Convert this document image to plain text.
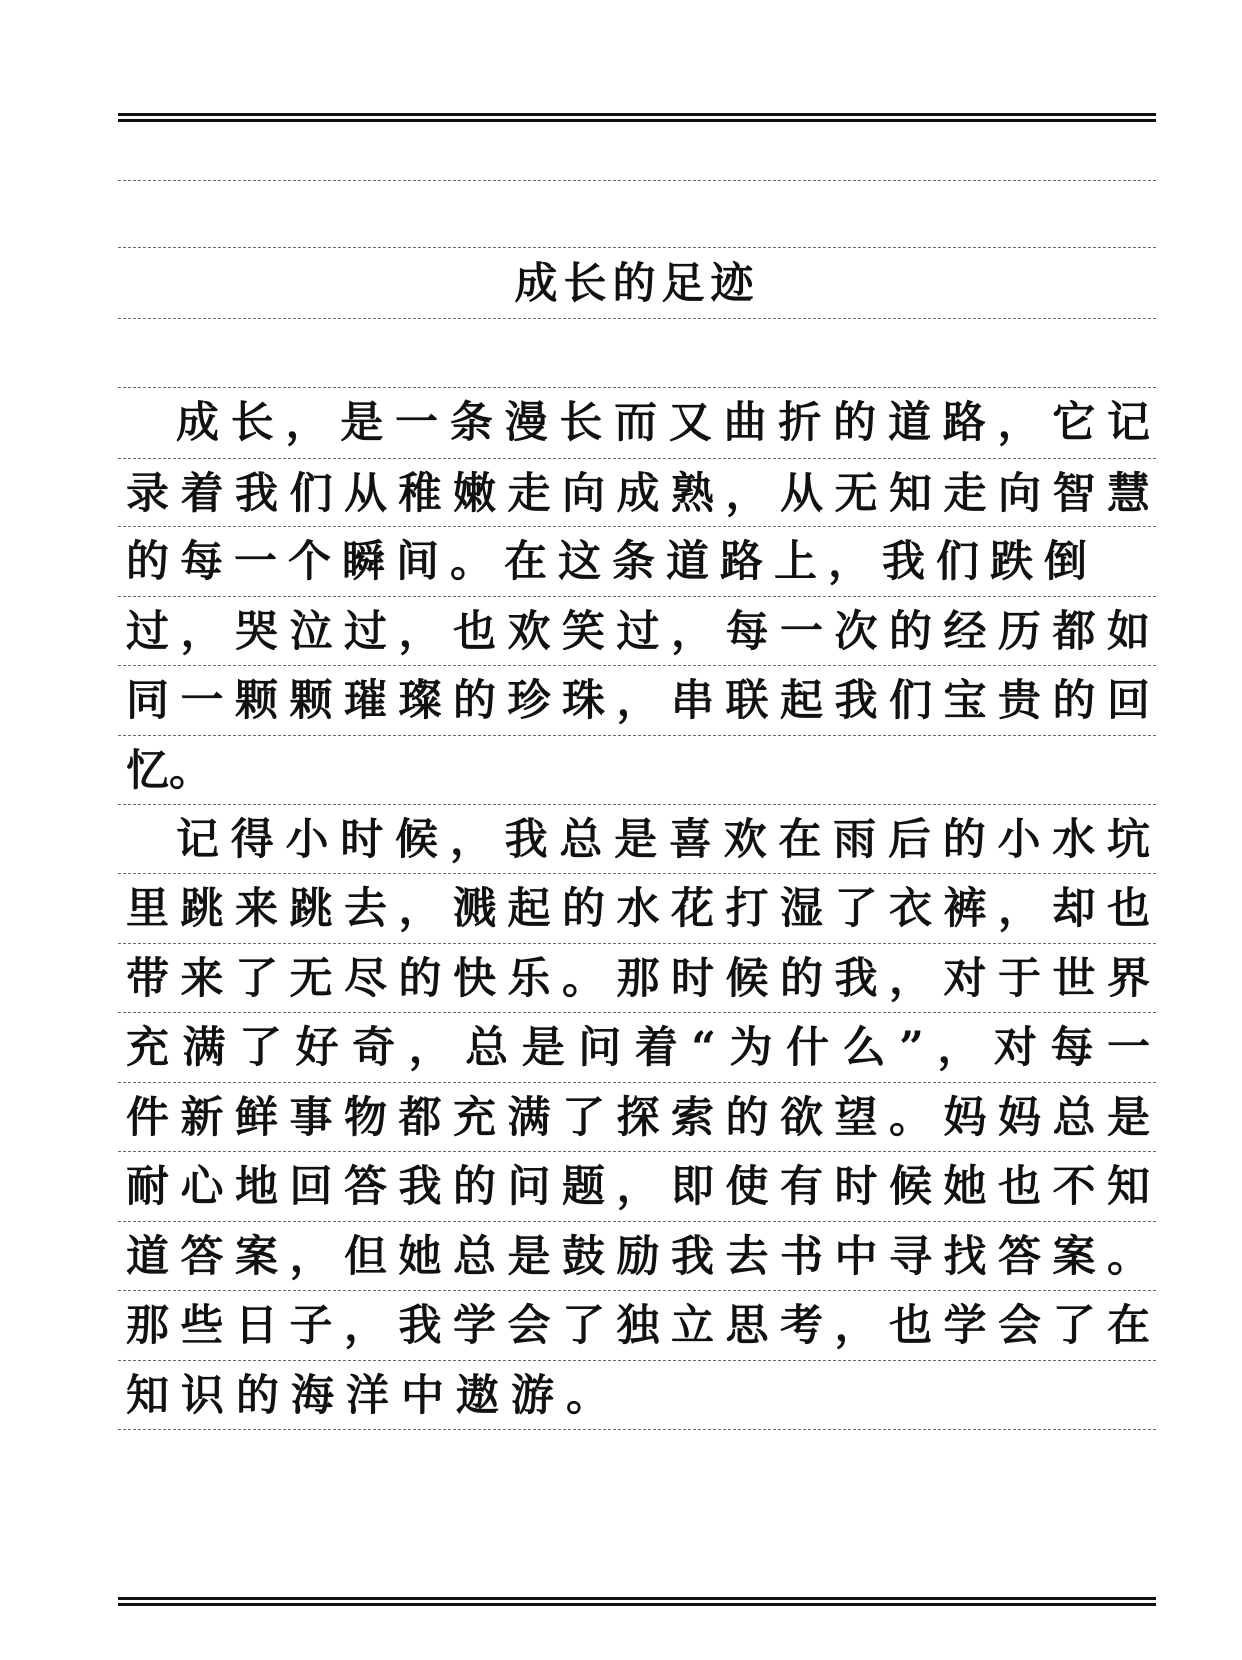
成长的足迹
成长，是一条漫长而又曲折的道路，它记
录着我们从稚嫩走向成熟，从无知走向智慧
的每一个瞬间。在这条道路上，我们跌倒
过，哭泣过，也欢笑过，每一次的经历都如
同一颗颗璀璨的珍珠，串联起我们宝贵的回
忆。
记得小时候，我总是喜欢在雨后的小水坑
里跳来跳去，溅起的水花打湿了衣裤，却也
带来了无尽的快乐。那时候的我，对于世界
充满了好奇，总是问着“为什么”，对每一
件新鲜事物都充满了探索的欲望。妈妈总是
耐心地回答我的问题，即使有时候她也不知
道答案，但她总是鼓励我去书中寻找答案。
那些日子，我学会了独立思考，也学会了在
知识的海洋中遨游。
